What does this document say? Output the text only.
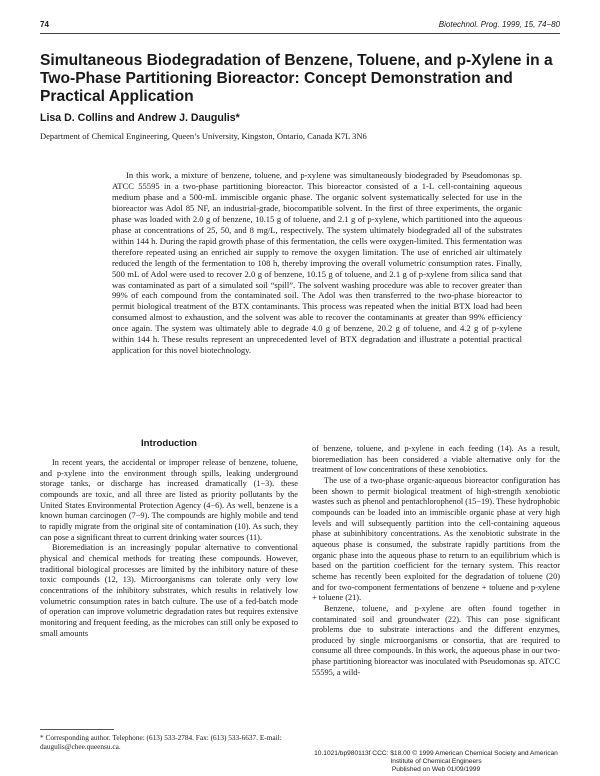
74	Biotechnol. Prog. 1999, 15, 74−80
Simultaneous Biodegradation of Benzene, Toluene, and p-Xylene in a Two-Phase Partitioning Bioreactor: Concept Demonstration and Practical Application
Lisa D. Collins and Andrew J. Daugulis*
Department of Chemical Engineering, Queen’s University, Kingston, Ontario, Canada K7L 3N6

In this work, a mixture of benzene, toluene, and p-xylene was simultaneously biodegraded by Pseudomonas sp. ATCC 55595 in a two-phase partitioning bioreactor. This bioreactor consisted of a 1-L cell-containing aqueous medium phase and a 500-mL immiscible organic phase. The organic solvent systematically selected for use in the bioreactor was Adol 85 NF, an industrial-grade, biocompatible solvent. In the first of three experiments, the organic phase was loaded with 2.0 g of benzene, 10.15 g of toluene, and 2.1 g of p-xylene, which partitioned into the aqueous phase at concentrations of 25, 50, and 8 mg/L, respectively. The system ultimately biodegraded all of the substrates within 144 h. During the rapid growth phase of this fermentation, the cells were oxygen-limited. This fermentation was therefore repeated using an enriched air supply to remove the oxygen limitation. The use of enriched air ultimately reduced the length of the fermentation to 108 h, thereby improving the overall volumetric consumption rates. Finally, 500 mL of Adol were used to recover 2.0 g of benzene, 10.15 g of toluene, and 2.1 g of p-xylene from silica sand that was contaminated as part of a simulated soil “spill”. The solvent washing procedure was able to recover greater than 99% of each compound from the contaminated soil. The Adol was then transferred to the two-phase bioreactor to permit biological treatment of the BTX contaminants. This process was repeated when the initial BTX load had been consumed almost to exhaustion, and the solvent was able to recover the contaminants at greater than 99% efficiency once again. The system was ultimately able to degrade 4.0 g of benzene, 20.2 g of toluene, and 4.2 g of p-xylene within 144 h. These results represent an unprecedented level of BTX degradation and illustrate a potential practical application for this novel biotechnology.

Introduction

In recent years, the accidental or improper release of benzene, toluene, and p-xylene into the environment through spills, leaking underground storage tanks, or discharge has increased dramatically (1−3). these compounds are toxic, and all three are listed as priority pollutants by the United States Environmental Protection Agency (4−6). As well, benzene is a known human carcinogen (7−9). The compounds are highly mobile and tend to rapidly migrate from the original site of contamination (10). As such, they can pose a significant threat to current drinking water sources (11).

Bioremediation is an increasingly popular alternative to conventional physical and chemical methods for treating these compounds. However, traditional biological processes are limited by the inhibitory nature of these toxic compounds (12, 13). Microorganisms can tolerate only very low concentrations of the inhibitory substrates, which results in relatively low volumetric consumption rates in batch culture. The use of a fed-batch mode of operation can improve volumetric degradation rates but requires extensive monitoring and frequent feeding, as the microbes can still only be exposed to small amounts

of benzene, toluene, and p-xylene in each feeding (14). As a result, bioremediation has been considered a viable alternative only for the treatment of low concentrations of these xenobiotics.

The use of a two-phase organic-aqueous bioreactor configuration has been shown to permit biological treatment of high-strength xenobiotic wastes such as phenol and pentachlorophenol (15−19). These hydrophobic compounds can be loaded into an immiscible organic phase at very high levels and will subsequently partition into the cell-containing aqueous phase at subinhibitory concentrations. As the xenobiotic substrate in the aqueous phase is consumed, the substrate rapidly partitions from the organic phase into the aqueous phase to return to an equilibrium which is based on the partition coefficient for the ternary system. This reactor scheme has recently been exploited for the degradation of toluene (20) and for two-component fermentations of benzene + toluene and p-xylene + toluene (21).

Benzene, toluene, and p-xylene are often found together in contaminated soil and groundwater (22). This can pose significant problems due to substrate interactions and the different enzymes, produced by single microorganisms or consortia, that are required to consume all three compounds. In this work, the aqueous phase in our two-phase partitioning bioreactor was inoculated with Pseudomonas sp. ATCC 55595, a wild-

* Corresponding author. Telephone: (613) 533-2784. Fax: (613) 533-6637. E-mail: daugulis@chee.queensu.ca.
10.1021/bp980113f CCC: $18.00 © 1999 American Chemical Society and American Institute of Chemical Engineers
Published on Web 01/09/1999
